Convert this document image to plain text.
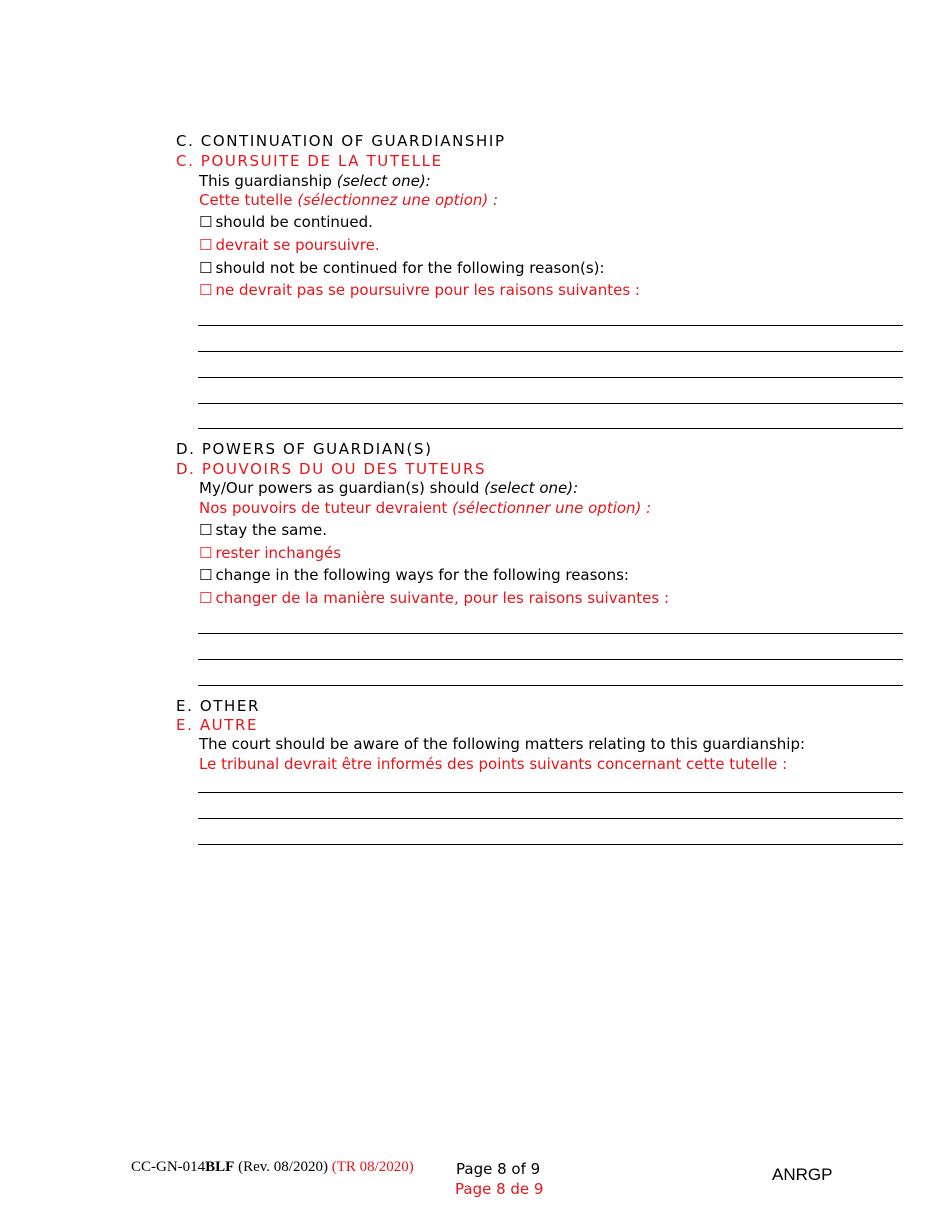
C. CONTINUATION OF GUARDIANSHIP
C. POURSUITE DE LA TUTELLE
This guardianship (select one):
Cette tutelle (sélectionnez une option) :
☐ should be continued.
☐ devrait se poursuivre.
☐ should not be continued for the following reason(s):
☐ ne devrait pas se poursuivre pour les raisons suivantes :
D. POWERS OF GUARDIAN(S)
D. POUVOIRS DU OU DES TUTEURS
My/Our powers as guardian(s) should (select one):
Nos pouvoirs de tuteur devraient (sélectionner une option) :
☐ stay the same.
☐ rester inchangés
☐ change in the following ways for the following reasons:
☐ changer de la manière suivante, pour les raisons suivantes :
E. OTHER
E. AUTRE
The court should be aware of the following matters relating to this guardianship:
Le tribunal devrait être informés des points suivants concernant cette tutelle :
CC-GN-014BLF (Rev. 08/2020) (TR 08/2020)	Page 8 of 9
Page 8 de 9
ANRGP
